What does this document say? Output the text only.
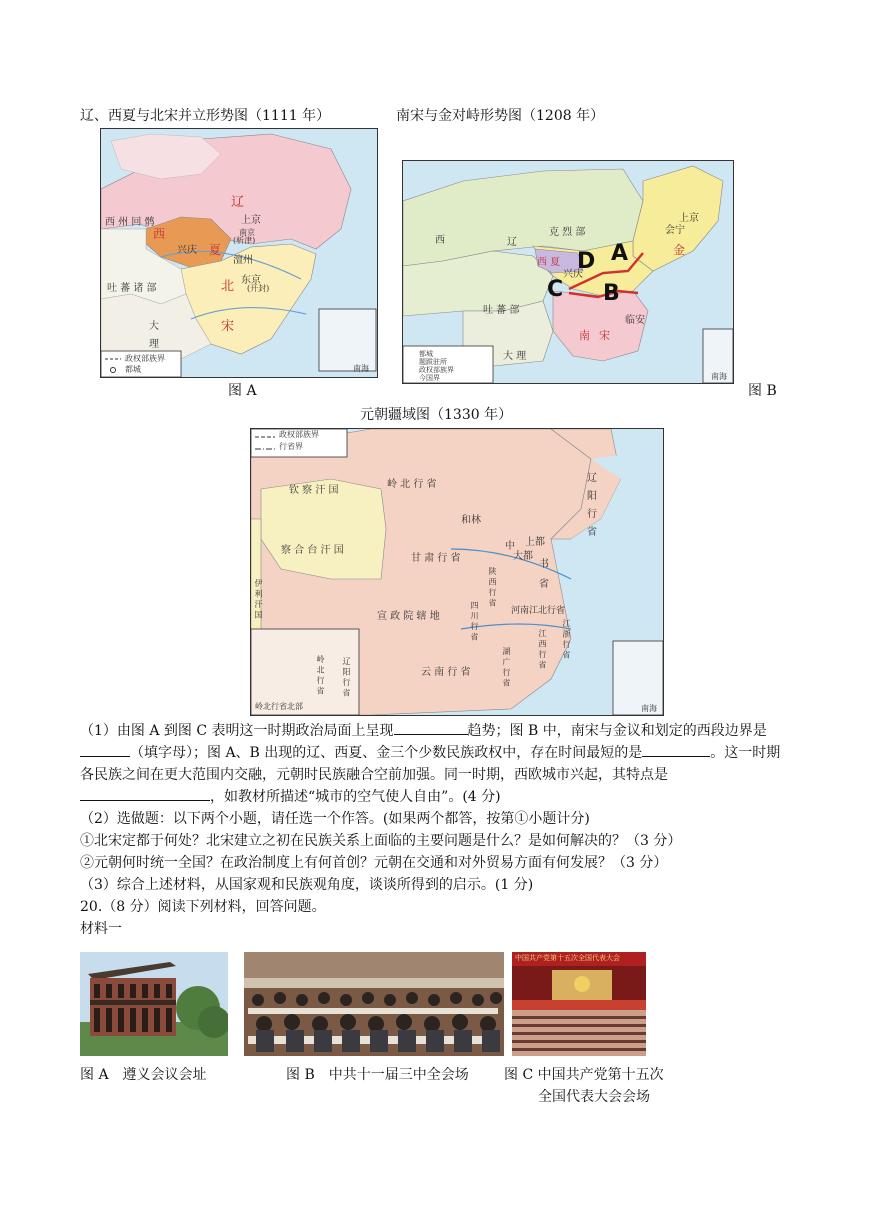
辽、西夏与北宋并立形势图（1111 年）
辽
上京
南京
(析津)
西
兴庆 夏
澶州
东京
(开封)
北
宋
西 州 回 鹘
吐 蕃 诸 部
大
理
南海
政权部族界
都城
图 A
南宋与金对峙形势图（1208 年）
西	辽
克 烈 部
金
上京
会宁
西 夏
兴庆
吐 蕃 部
大 理
南 宋
临安
南海
A
B
C
D
都城
题跋驻所
政权部族界
今国界
图 B
元朝疆域图（1330 年）
政权部族界
行省界
岭 北 行 省
辽
阳
行
省
钦 察 汗 国
察 合 台 汗 国
伊 利 汗 国
和林
上都
大都
中
书
省
甘 肃 行 省
陕 西 行 省
河南江北行省
宣 政 院 辖 地
云 南 行 省
四 川 行 省
湖 广 行 省	江 西 行 省 江 浙 行 省
岭 北 行 省 辽 阳 行 省
岭北行省北部	南海
（1）由图 A 到图 C 表明这一时期政治局面上呈现	趋势；图 B 中，南宋与金议和划定的西段边界是（填字母）；图 A、B 出现的辽、西夏、金三个少数民族政权中，存在时间最短的是	。这一时期各民族之间在更大范围内交融，元朝时民族融合空前加强。同一时期，西欧城市兴起，其特点是，如教材所描述“城市的空气使人自由”。(4 分)
（2）选做题：以下两个小题，请任选一个作答。(如果两个都答，按第①小题计分)
①北宋定都于何处？北宋建立之初在民族关系上面临的主要问题是什么？是如何解决的？（3 分）
②元朝何时统一全国？在政治制度上有何首创？元朝在交通和对外贸易方面有何发展？（3 分）
（3）综合上述材料，从国家观和民族观角度，谈谈所得到的启示。(1 分)
20.（8 分）阅读下列材料，回答问题。
材料一
图 A　遵义会议会址	图 B　中共十一届三中全会场
中国共产党第十五次全国代表大会
图 C 中国共产党第十五次
全国代表大会会场
